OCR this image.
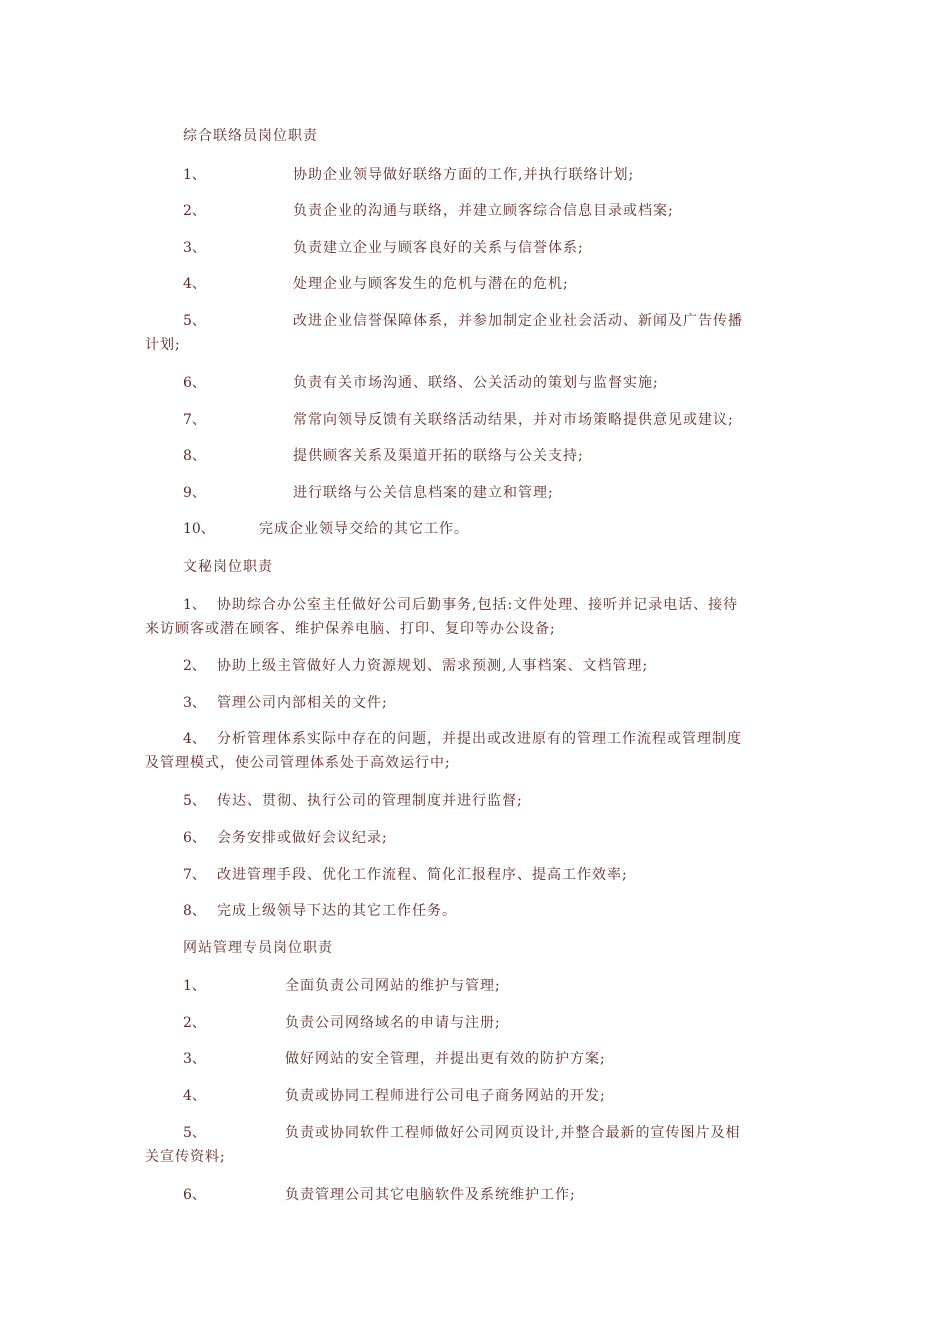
综合联络员岗位职责
1、	协助企业领导做好联络方面的工作,并执行联络计划;
2、	负责企业的沟通与联络，并建立顾客综合信息目录或档案;
3、	负责建立企业与顾客良好的关系与信誉体系;
4、	处理企业与顾客发生的危机与潜在的危机;
5、	改进企业信誉保障体系，并参加制定企业社会活动、新闻及广告传播
计划;
6、	负责有关市场沟通、联络、公关活动的策划与监督实施;
7、	常常向领导反馈有关联络活动结果，并对市场策略提供意见或建议;
8、	提供顾客关系及渠道开拓的联络与公关支持;
9、	进行联络与公关信息档案的建立和管理;
10、	完成企业领导交给的其它工作。
文秘岗位职责
1、 协助综合办公室主任做好公司后勤事务,包括:文件处理、接听并记录电话、接待
来访顾客或潜在顾客、维护保养电脑、打印、复印等办公设备;
2、 协助上级主管做好人力资源规划、需求预测,人事档案、文档管理;
3、 管理公司内部相关的文件;
4、 分析管理体系实际中存在的问题，并提出或改进原有的管理工作流程或管理制度
及管理模式，使公司管理体系处于高效运行中;
5、 传达、贯彻、执行公司的管理制度并进行监督;
6、 会务安排或做好会议纪录;
7、 改进管理手段、优化工作流程、简化汇报程序、提高工作效率;
8、 完成上级领导下达的其它工作任务。
网站管理专员岗位职责
1、	全面负责公司网站的维护与管理;
2、	负责公司网络域名的申请与注册;
3、	做好网站的安全管理，并提出更有效的防护方案;
4、	负责或协同工程师进行公司电子商务网站的开发;
5、	负责或协同软件工程师做好公司网页设计,并整合最新的宣传图片及相
关宣传资料;
6、	负责管理公司其它电脑软件及系统维护工作;
